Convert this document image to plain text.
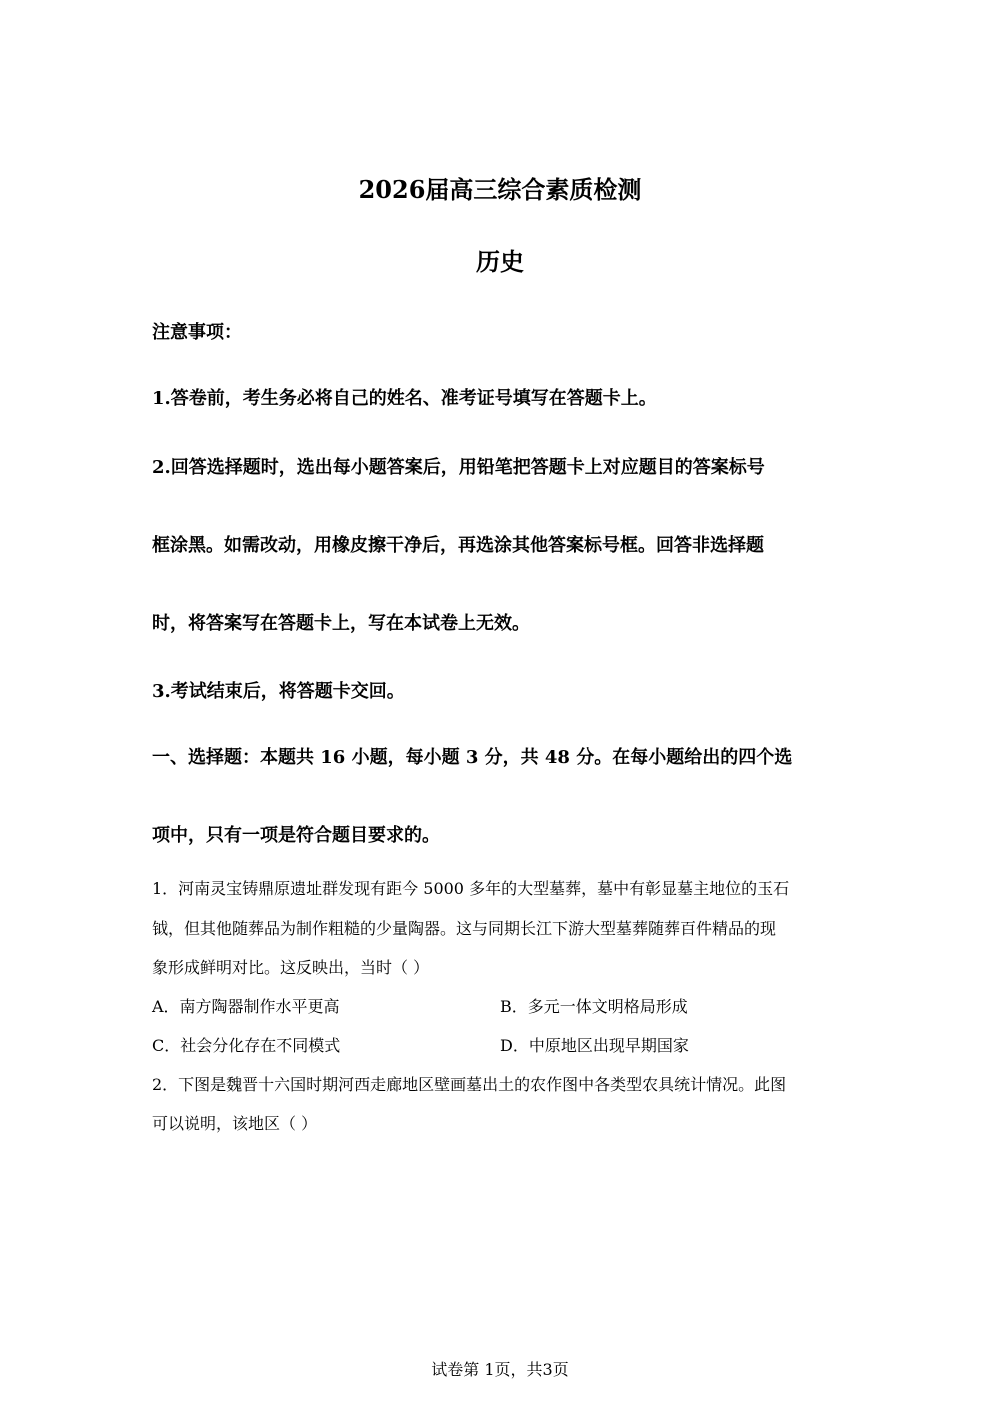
2026届高三综合素质检测
历史
注意事项：
1.答卷前，考生务必将自己的姓名、准考证号填写在答题卡上。
2.回答选择题时，选出每小题答案后，用铅笔把答题卡上对应题目的答案标号
框涂黑。如需改动，用橡皮擦干净后，再选涂其他答案标号框。回答非选择题
时，将答案写在答题卡上，写在本试卷上无效。
3.考试结束后，将答题卡交回。
一、选择题：本题共 16 小题，每小题 3 分，共 48 分。在每小题给出的四个选
项中，只有一项是符合题目要求的。
1．河南灵宝铸鼎原遗址群发现有距今 5000 多年的大型墓葬，墓中有彰显墓主地位的玉石
钺，但其他随葬品为制作粗糙的少量陶器。这与同期长江下游大型墓葬随葬百件精品的现
象形成鲜明对比。这反映出，当时（ ）
A．南方陶器制作水平更高	B．多元一体文明格局形成
C．社会分化存在不同模式	D．中原地区出现早期国家
2．下图是魏晋十六国时期河西走廊地区壁画墓出土的农作图中各类型农具统计情况。此图
可以说明，该地区（ ）
试卷第 1页，共3页
